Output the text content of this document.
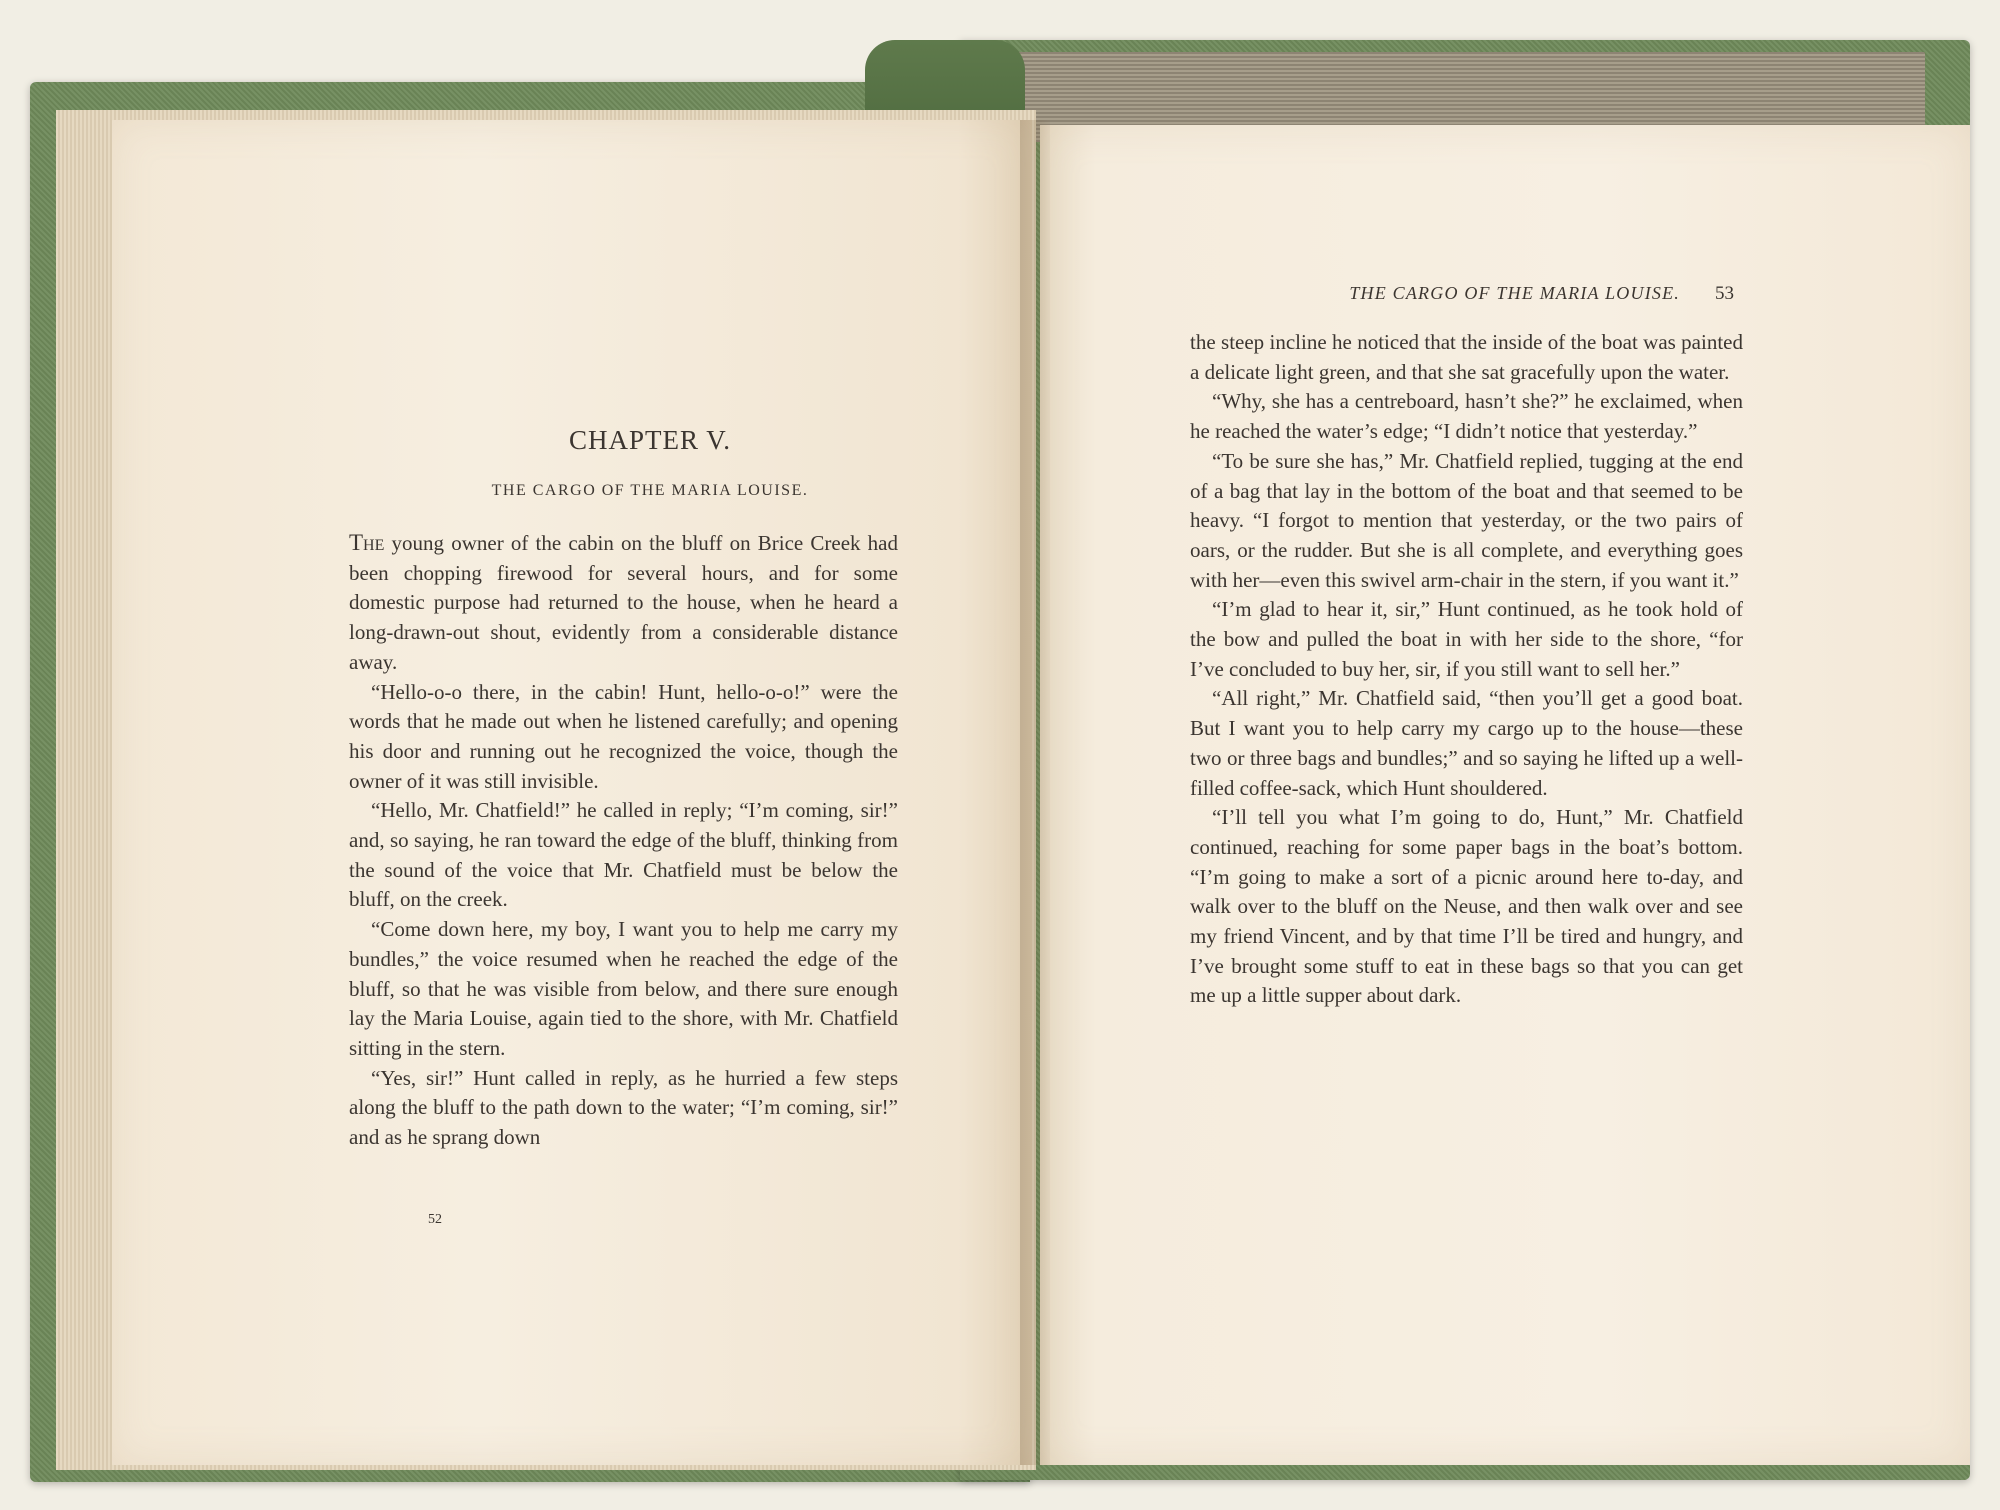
CHAPTER V.
THE CARGO OF THE MARIA LOUISE.

The young owner of the cabin on the bluff on Brice Creek had been chopping firewood for several hours, and for some domestic purpose had returned to the house, when he heard a long-drawn-out shout, evidently from a considerable distance away.

“Hello-o-o there, in the cabin! Hunt, hello-o-o!” were the words that he made out when he listened carefully; and opening his door and running out he recognized the voice, though the owner of it was still invisible.

“Hello, Mr. Chatfield!” he called in reply; “I’m coming, sir!” and, so saying, he ran toward the edge of the bluff, thinking from the sound of the voice that Mr. Chatfield must be below the bluff, on the creek.

“Come down here, my boy, I want you to help me carry my bundles,” the voice resumed when he reached the edge of the bluff, so that he was visible from below, and there sure enough lay the Maria Louise, again tied to the shore, with Mr. Chatfield sitting in the stern.

“Yes, sir!” Hunt called in reply, as he hurried a few steps along the bluff to the path down to the water; “I’m coming, sir!” and as he sprang down

52
THE CARGO OF THE MARIA LOUISE. 53

the steep incline he noticed that the inside of the boat was painted a delicate light green, and that she sat gracefully upon the water.

“Why, she has a centreboard, hasn’t she?” he exclaimed, when he reached the water’s edge; “I didn’t notice that yesterday.”

“To be sure she has,” Mr. Chatfield replied, tugging at the end of a bag that lay in the bottom of the boat and that seemed to be heavy. “I forgot to mention that yesterday, or the two pairs of oars, or the rudder. But she is all complete, and everything goes with her—even this swivel arm-chair in the stern, if you want it.”

“I’m glad to hear it, sir,” Hunt continued, as he took hold of the bow and pulled the boat in with her side to the shore, “for I’ve concluded to buy her, sir, if you still want to sell her.”

“All right,” Mr. Chatfield said, “then you’ll get a good boat. But I want you to help carry my cargo up to the house—these two or three bags and bundles;” and so saying he lifted up a well-filled coffee-sack, which Hunt shouldered.

“I’ll tell you what I’m going to do, Hunt,” Mr. Chatfield continued, reaching for some paper bags in the boat’s bottom. “I’m going to make a sort of a picnic around here to-day, and walk over to the bluff on the Neuse, and then walk over and see my friend Vincent, and by that time I’ll be tired and hungry, and I’ve brought some stuff to eat in these bags so that you can get me up a little supper about dark.
